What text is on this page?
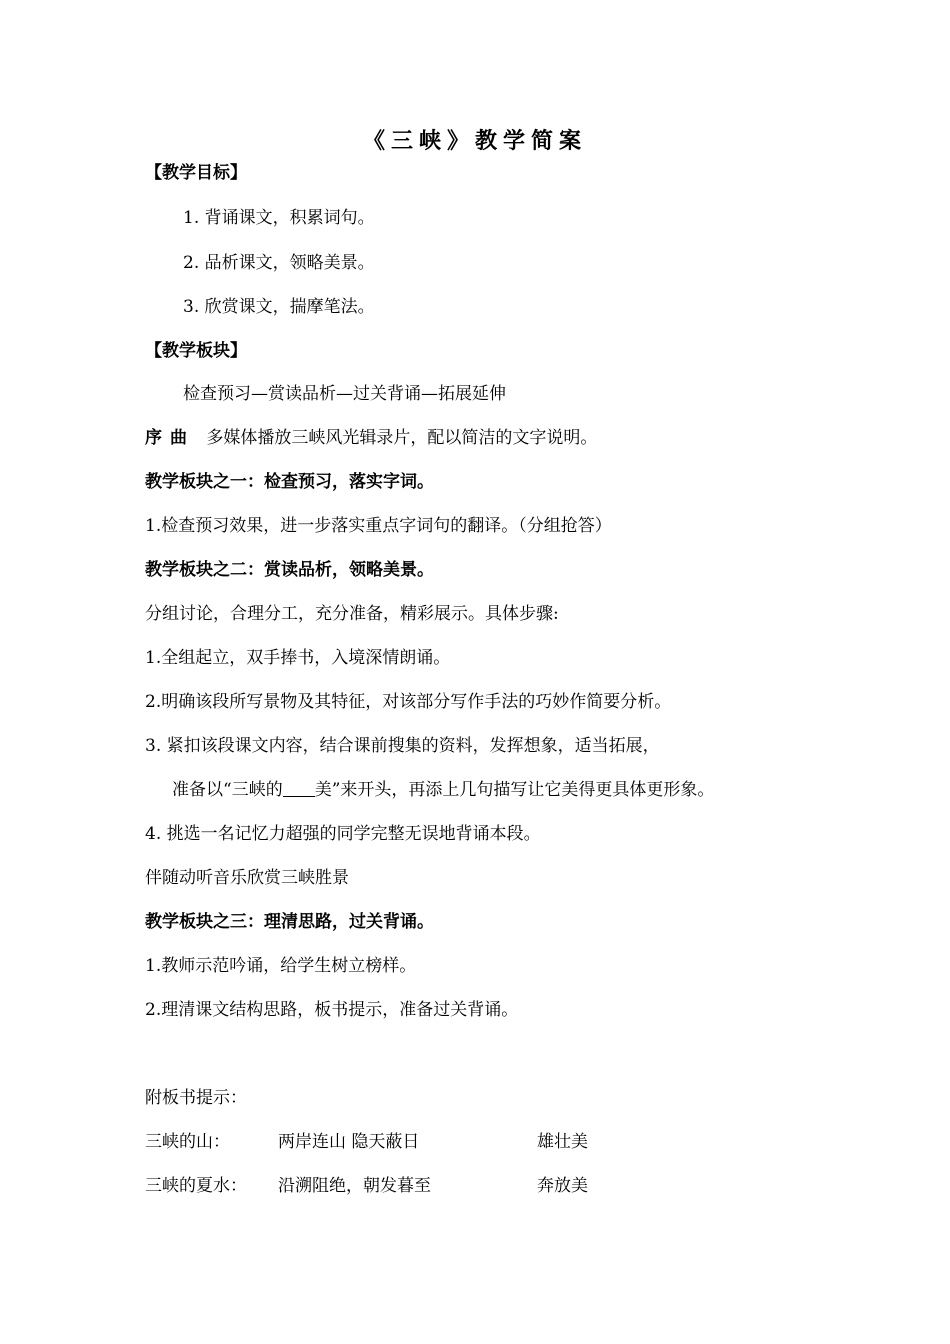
《三峡》教学简案
【教学目标】
1. 背诵课文，积累词句。
2. 品析课文，领略美景。
3. 欣赏课文，揣摩笔法。
【教学板块】
检查预习—赏读品析—过关背诵—拓展延伸
序曲 多媒体播放三峡风光辑录片，配以简洁的文字说明。
教学板块之一：检查预习，落实字词。
1.检查预习效果，进一步落实重点字词句的翻译。（分组抢答）
教学板块之二：赏读品析，领略美景。
分组讨论，合理分工，充分准备，精彩展示。具体步骤:
1.全组起立，双手捧书，入境深情朗诵。
2.明确该段所写景物及其特征，对该部分写作手法的巧妙作简要分析。
3. 紧扣该段课文内容，结合课前搜集的资料，发挥想象，适当拓展，
准备以“三峡的 美”来开头，再添上几句描写让它美得更具体更形象。
4. 挑选一名记忆力超强的同学完整无误地背诵本段。
伴随动听音乐欣赏三峡胜景
教学板块之三：理清思路，过关背诵。
1.教师示范吟诵，给学生树立榜样。
2.理清课文结构思路，板书提示，准备过关背诵。
附板书提示：
三峡的山：	两岸连山 隐天蔽日	雄壮美
三峡的夏水： 沿溯阻绝，朝发暮至	奔放美
